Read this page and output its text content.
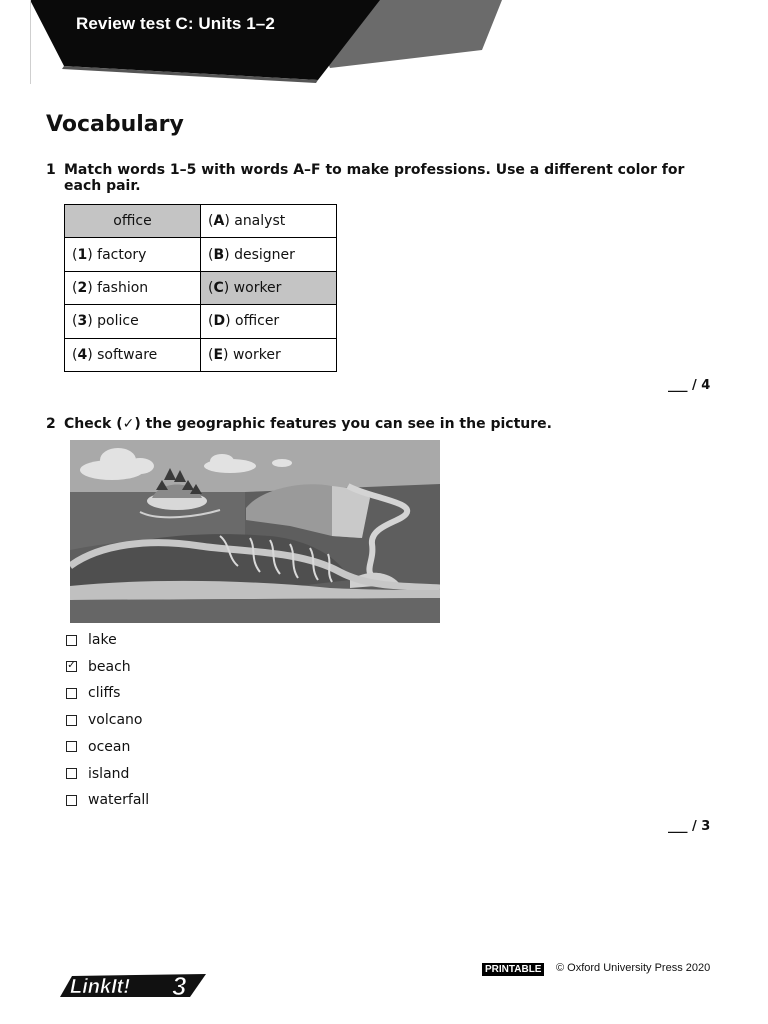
Review test C: Units 1–2
Vocabulary
1 Match words 1–5 with words A–F to make professions. Use a different color for each pair.
office	(A) analyst
(1) factory	(B) designer
(2) fashion	(C) worker
(3) police	(D) officer
(4) software	(E) worker
___ / 4
2 Check (✓) the geographic features you can see in the picture.
lake
✓ beach
cliffs
volcano
ocean
island
waterfall
___ / 3
LinkIt! 3
PRINTABLE © Oxford University Press 2020
